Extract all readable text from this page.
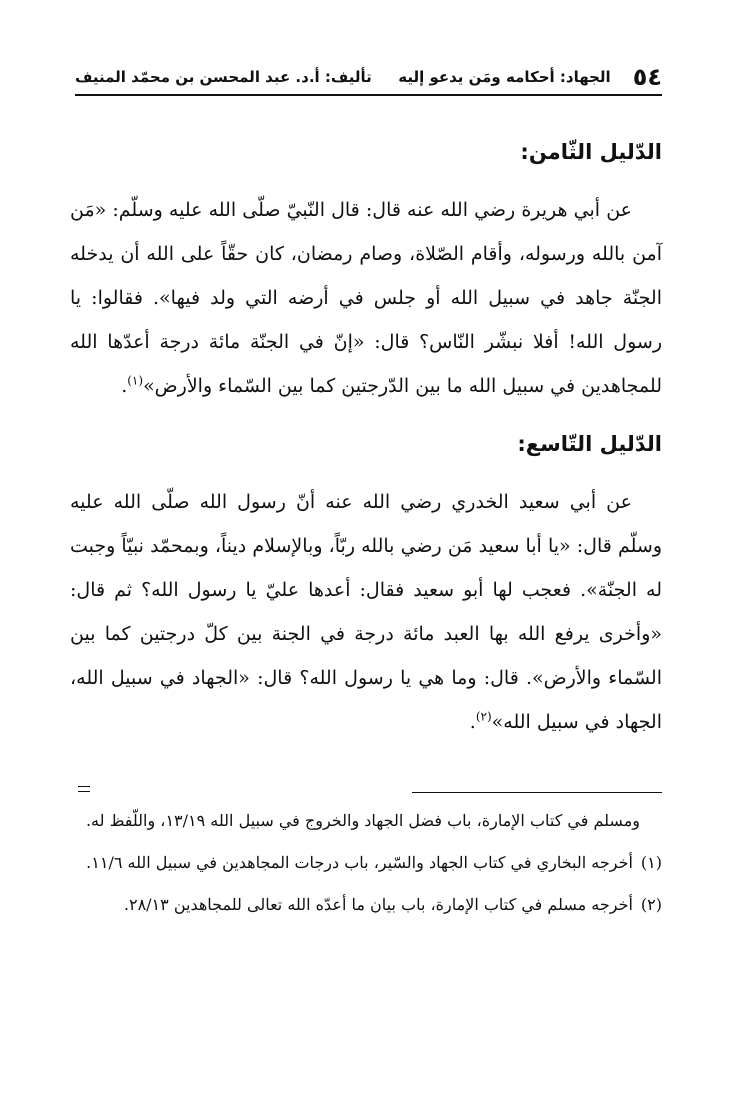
٥٤
الجهاد: أحكامه ومَن يدعو إليه
تأليف: أ.د. عبد المحسن بن محمّد المنيف
الدّليل الثّامن:

عن أبي هريرة رضي الله عنه قال: قال النّبيّ صلّى الله عليه وسلّم: «مَن آمن بالله ورسوله، وأقام الصّلاة، وصام رمضان، كان حقّاً على الله أن يدخله الجنّة جاهد في سبيل الله أو جلس في أرضه التي ولد فيها». فقالوا: يا رسول الله! أفلا نبشّر النّاس؟ قال: «إنّ في الجنّة مائة درجة أعدّها الله للمجاهدين في سبيل الله ما بين الدّرجتين كما بين السّماء والأرض»$^{(١)}$.

الدّليل التّاسع:

عن أبي سعيد الخدري رضي الله عنه أنّ رسول الله صلّى الله عليه وسلّم قال: «يا أبا سعيد مَن رضي بالله ربّاً، وبالإسلام ديناً، وبمحمّد نبيّاً وجبت له الجنّة». فعجب لها أبو سعيد فقال: أعدها عليّ يا رسول الله؟ ثم قال: «وأخرى يرفع الله بها العبد مائة درجة في الجنة بين كلّ درجتين كما بين السّماء والأرض». قال: وما هي يا رسول الله؟ قال: «الجهاد في سبيل الله، الجهاد في سبيل الله»$^{(٢)}$.

ومسلم في كتاب الإمارة، باب فضل الجهاد والخروج في سبيل الله ١٣/١٩، واللّفظ له.

(١)
أخرجه البخاري في كتاب الجهاد والسّير، باب درجات المجاهدين في سبيل الله ١١/٦.
(٢)
أخرجه مسلم في كتاب الإمارة، باب بيان ما أعدّه الله تعالى للمجاهدين ٢٨/١٣.
